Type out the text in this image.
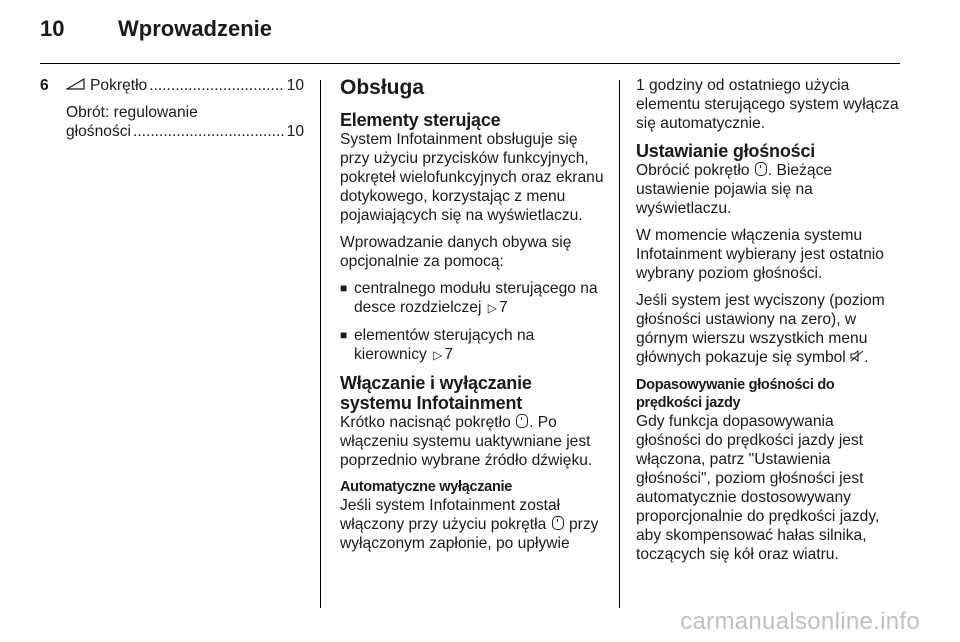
10 Wprowadzenie
6	Pokrętło .....	10
Obrót: regulowanie
głośności .....	10
Obsługa
Elementy sterujące

System Infotainment obsługuje się przy użyciu przycisków funkcyjnych, pokręteł wielofunkcyjnych oraz ekranu dotykowego, korzystając z menu pojawiających się na wyświetlaczu.

Wprowadzanie danych obywa się opcjonalnie za pomocą:

■ centralnego modułu sterującego na desce rozdzielczej ▷ 7
■ elementów sterujących na kierownicy ▷ 7
Włączanie i wyłączanie systemu Infotainment

Krótko nacisnąć pokrętło . Po włączeniu systemu uaktywniane jest poprzednio wybrane źródło dźwięku.

Automatyczne wyłączanie

Jeśli system Infotainment został włączony przy użyciu pokrętła przy wyłączonym zapłonie, po upływie

1 godziny od ostatniego użycia elementu sterującego system wyłącza się automatycznie.

Ustawianie głośności

Obrócić pokrętło . Bieżące ustawienie pojawia się na wyświetlaczu.

W momencie włączenia systemu Infotainment wybierany jest ostatnio wybrany poziom głośności.

Jeśli system jest wyciszony (poziom głośności ustawiony na zero), w górnym wierszu wszystkich menu głównych pokazuje się symbol .

Dopasowywanie głośności do prędkości jazdy

Gdy funkcja dopasowywania głośności do prędkości jazdy jest włączona, patrz "Ustawienia głośności", poziom głośności jest automatycznie dostosowywany proporcjonalnie do prędkości jazdy, aby skompensować hałas silnika, toczących się kół oraz wiatru.

carmanualsonline.info
